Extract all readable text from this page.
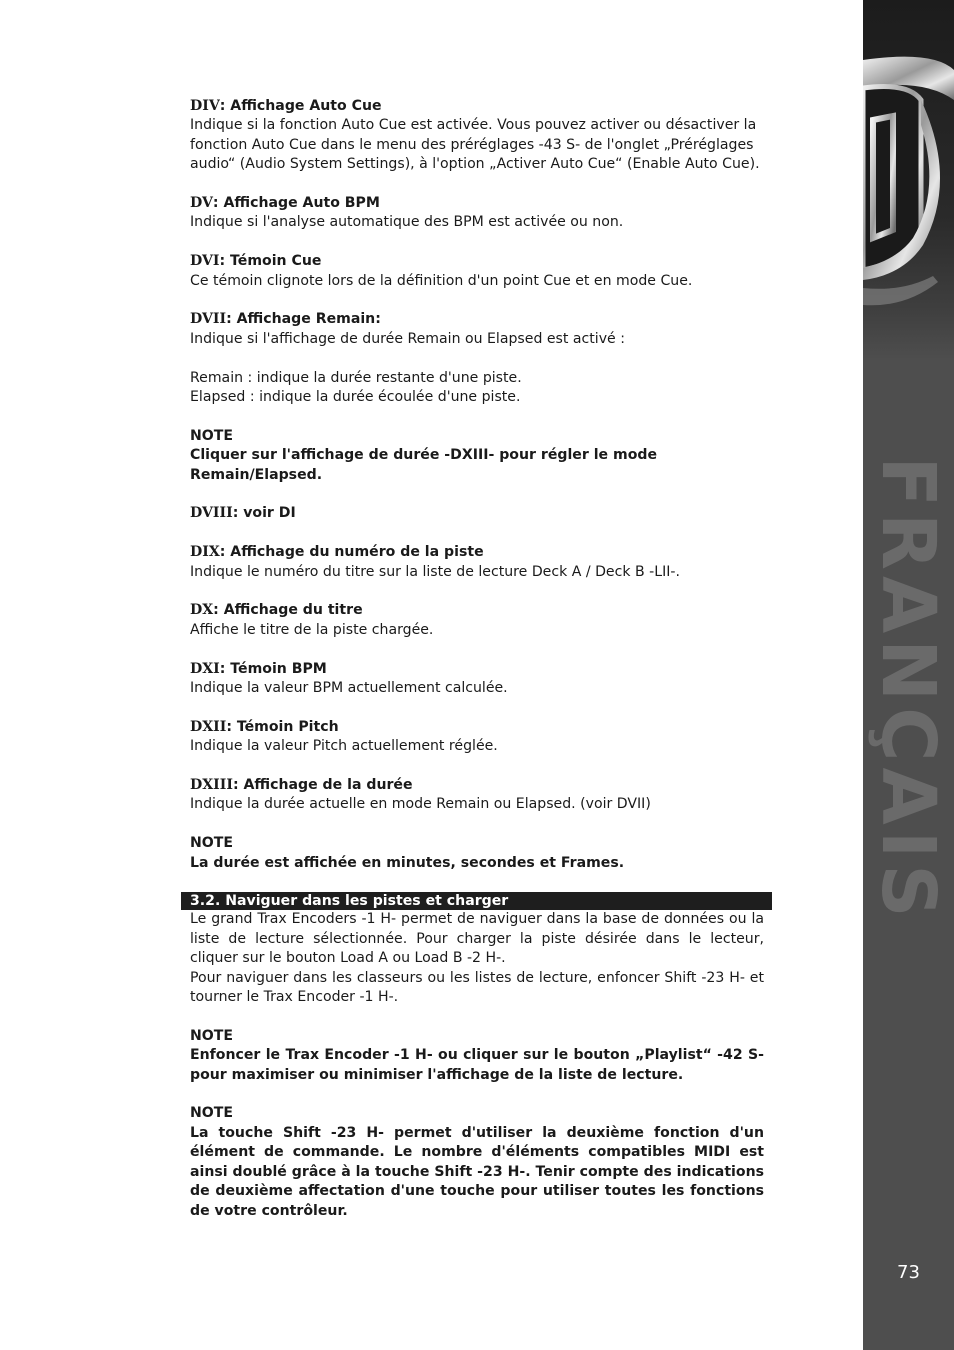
DIV: Affichage Auto Cue

Indique si la fonction Auto Cue est activée. Vous pouvez activer ou désactiver la fonction Auto Cue dans le menu des préréglages -43 S- de l'onglet „Préréglages audio“ (Audio System Settings), à l'option „Activer Auto Cue“ (Enable Auto Cue).

DV: Affichage Auto BPM

Indique si l'analyse automatique des BPM est activée ou non.

DVI: Témoin Cue

Ce témoin clignote lors de la définition d'un point Cue et en mode Cue.

DVII: Affichage Remain:

Indique si l'affichage de durée Remain ou Elapsed est activé :

Remain : indique la durée restante d'une piste.

Elapsed : indique la durée écoulée d'une piste.

NOTE

Cliquer sur l'affichage de durée -DXIII- pour régler le mode Remain/Elapsed.

DVIII: voir DI
DIX: Affichage du numéro de la piste

Indique le numéro du titre sur la liste de lecture Deck A / Deck B -LII-.

DX: Affichage du titre

Affiche le titre de la piste chargée.

DXI: Témoin BPM

Indique la valeur BPM actuellement calculée.

DXII: Témoin Pitch

Indique la valeur Pitch actuellement réglée.

DXIII: Affichage de la durée

Indique la durée actuelle en mode Remain ou Elapsed. (voir DVII)

NOTE

La durée est affichée en minutes, secondes et Frames.

3.2. Naviguer dans les pistes et charger

Le grand Trax Encoders -1 H- permet de naviguer dans la base de données ou la liste de lecture sélectionnée. Pour charger la piste désirée dans le lecteur, cliquer sur le bouton Load A ou Load B -2 H-.

Pour naviguer dans les classeurs ou les listes de lecture, enfoncer Shift -23 H- et tourner le Trax Encoder -1 H-.

NOTE

Enfoncer le Trax Encoder -1 H- ou cliquer sur le bouton „Playlist“ -42 S- pour maximiser ou minimiser l'affichage de la liste de lecture.

NOTE

La touche Shift -23 H- permet d'utiliser la deuxième fonction d'un élément de commande. Le nombre d'éléments compatibles MIDI est ainsi doublé grâce à la touche Shift -23 H-. Tenir compte des indications de deuxième affectation d'une touche pour utiliser toutes les fonctions de votre contrôleur.

FRANÇAIS
73
